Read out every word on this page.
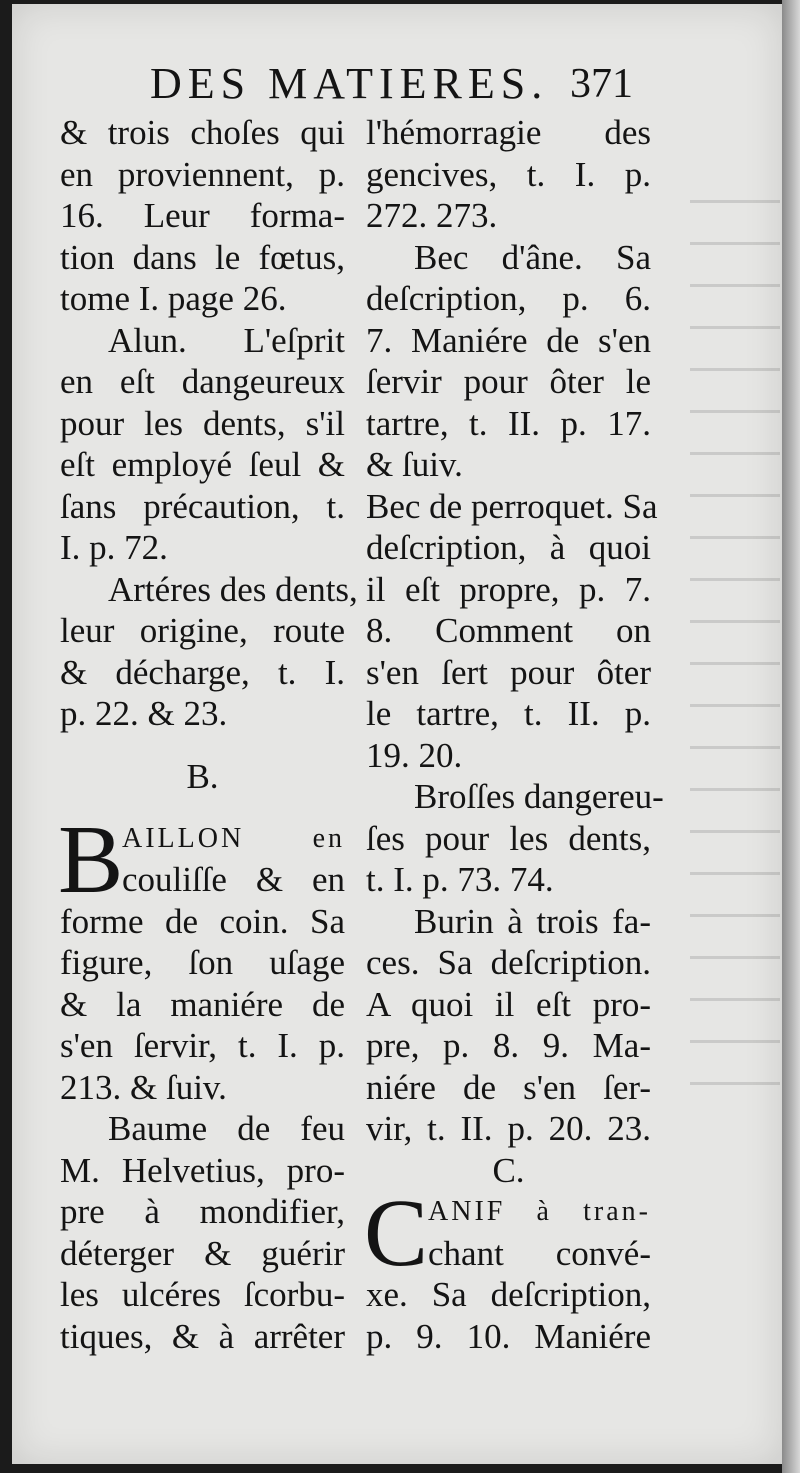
DES MATIERES. 371
& trois choſes qui
en proviennent, p.
16. Leur forma-
tion dans le fœtus,
tome I. page 26.
Alun. L'eſprit
en eſt dangeureux
pour les dents, s'il
eſt employé ſeul &
ſans précaution, t.
I. p. 72.
Artéres des dents,
leur origine, route
& décharge, t. I.
p. 22. & 23.
B.
B
AILLON en
couliſſe & en
forme de coin. Sa
figure, ſon uſage
& la maniére de
s'en ſervir, t. I. p.
213. & ſuiv.
Baume de feu
M. Helvetius, pro-
pre à mondifier,
déterger & guérir
les ulcéres ſcorbu-
tiques, & à arrêter
l'hémorragie des
gencives, t. I. p.
272. 273.
Bec d'âne. Sa
deſcription, p. 6.
7. Maniére de s'en
ſervir pour ôter le
tartre, t. II. p. 17.
& ſuiv.
Bec de perroquet. Sa
deſcription, à quoi
il eſt propre, p. 7.
8. Comment on
s'en ſert pour ôter
le tartre, t. II. p.
19. 20.
Broſſes dangereu-
ſes pour les dents,
t. I. p. 73. 74.
Burin à trois fa-
ces. Sa deſcription.
A quoi il eſt pro-
pre, p. 8. 9. Ma-
niére de s'en ſer-
vir, t. II. p. 20. 23.
C.
C ANIF à tran-
chant convé-
xe. Sa deſcription,
p. 9. 10. Maniére
